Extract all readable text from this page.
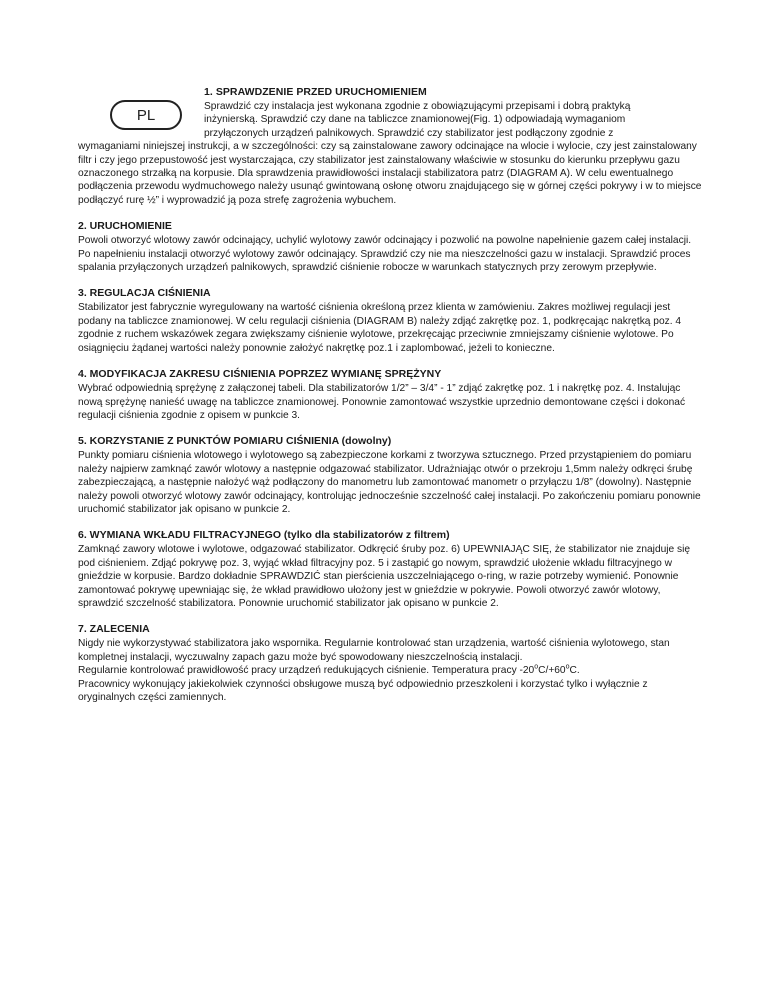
PL
1. SPRAWDZENIE PRZED URUCHOMIENIEM
Sprawdzić czy instalacja jest wykonana zgodnie z obowiązującymi przepisami i dobrą praktyką
inżynierską. Sprawdzić czy dane na tabliczce znamionowej(Fig. 1) odpowiadają wymaganiom
przyłączonych urządzeń palnikowych. Sprawdzić czy stabilizator jest podłączony zgodnie z
wymaganiami niniejszej instrukcji, a w szczególności: czy są zainstalowane zawory odcinające na wlocie i wylocie, czy jest zainstalowany filtr i czy jego przepustowość jest wystarczająca, czy stabilizator jest zainstalowany właściwie w stosunku do kierunku przepływu gazu oznaczonego strzałką na korpusie. Dla sprawdzenia prawidłowości instalacji stabilizatora patrz (DIAGRAM A). W celu ewentualnego podłączenia przewodu wydmuchowego należy usunąć gwintowaną osłonę otworu znajdującego się w górnej części pokrywy i w to miejsce podłączyć rurę ½” i wyprowadzić ją poza strefę zagrożenia wybuchem.
2. URUCHOMIENIE

Powoli otworzyć wlotowy zawór odcinający, uchylić wylotowy zawór odcinający i pozwolić na powolne napełnienie gazem całej instalacji. Po napełnieniu instalacji otworzyć wylotowy zawór odcinający. Sprawdzić czy nie ma nieszczelności gazu w instalacji. Sprawdzić proces spalania przyłączonych urządzeń palnikowych, sprawdzić ciśnienie robocze w warunkach statycznych przy zerowym przepływie.

3. REGULACJA CIŚNIENIA

Stabilizator jest fabrycznie wyregulowany na wartość ciśnienia określoną przez klienta w zamówieniu. Zakres możliwej regulacji jest podany na tabliczce znamionowej. W celu regulacji ciśnienia (DIAGRAM B) należy zdjąć zakrętkę poz. 1, podkręcając nakrętką poz. 4 zgodnie z ruchem wskazówek zegara zwiększamy ciśnienie wylotowe, przekręcając przeciwnie zmniejszamy ciśnienie wylotowe. Po osiągnięciu żądanej wartości należy ponownie założyć nakrętkę poz.1 i zaplombować, jeżeli to konieczne.

4. MODYFIKACJA ZAKRESU CIŚNIENIA POPRZEZ WYMIANĘ SPRĘŻYNY

Wybrać odpowiednią sprężynę z załączonej tabeli. Dla stabilizatorów 1/2” – 3/4” - 1” zdjąć zakrętkę poz. 1 i nakrętkę poz. 4. Instalując nową sprężynę nanieść uwagę na tabliczce znamionowej. Ponownie zamontować wszystkie uprzednio demontowane części i dokonać regulacji ciśnienia zgodnie z opisem w punkcie 3.

5. KORZYSTANIE Z PUNKTÓW POMIARU CIŚNIENIA (dowolny)

Punkty pomiaru ciśnienia wlotowego i wylotowego są zabezpieczone korkami z tworzywa sztucznego. Przed przystąpieniem do pomiaru należy najpierw zamknąć zawór wlotowy a następnie odgazować stabilizator. Udrażniając otwór o przekroju 1,5mm należy odkręci śrubę zabezpieczającą, a następnie nałożyć wąż podłączony do manometru lub zamontować manometr o przyłączu 1/8” (dowolny). Następnie należy powoli otworzyć wlotowy zawór odcinający, kontrolując jednocześnie szczelność całej instalacji. Po zakończeniu pomiaru ponownie uruchomić stabilizator jak opisano w punkcie 2.

6. WYMIANA WKŁADU FILTRACYJNEGO (tylko dla stabilizatorów z filtrem)

Zamknąć zawory wlotowe i wylotowe, odgazować stabilizator. Odkręcić śruby poz. 6) UPEWNIAJĄC SIĘ, że stabilizator nie znajduje się pod ciśnieniem. Zdjąć pokrywę poz. 3, wyjąć wkład filtracyjny poz. 5 i zastąpić go nowym, sprawdzić ułożenie wkładu filtracyjnego w gnieździe w korpusie. Bardzo dokładnie SPRAWDZIĆ stan pierścienia uszczelniającego o-ring, w razie potrzeby wymienić. Ponownie zamontować pokrywę upewniając się, że wkład prawidłowo ułożony jest w gnieździe w pokrywie. Powoli otworzyć zawór wlotowy, sprawdzić szczelność stabilizatora. Ponownie uruchomić stabilizator jak opisano w punkcie 2.

7. ZALECENIA

Nigdy nie wykorzystywać stabilizatora jako wspornika. Regularnie kontrolować stan urządzenia, wartość ciśnienia wylotowego, stan kompletnej instalacji, wyczuwalny zapach gazu może być spowodowany nieszczelnością instalacji.
Regularnie kontrolować prawidłowość pracy urządzeń redukujących ciśnienie. Temperatura pracy $-20^oC/+60^oC$.
Pracownicy wykonujący jakiekolwiek czynności obsługowe muszą być odpowiednio przeszkoleni i korzystać tylko i wyłącznie z oryginalnych części zamiennych.
